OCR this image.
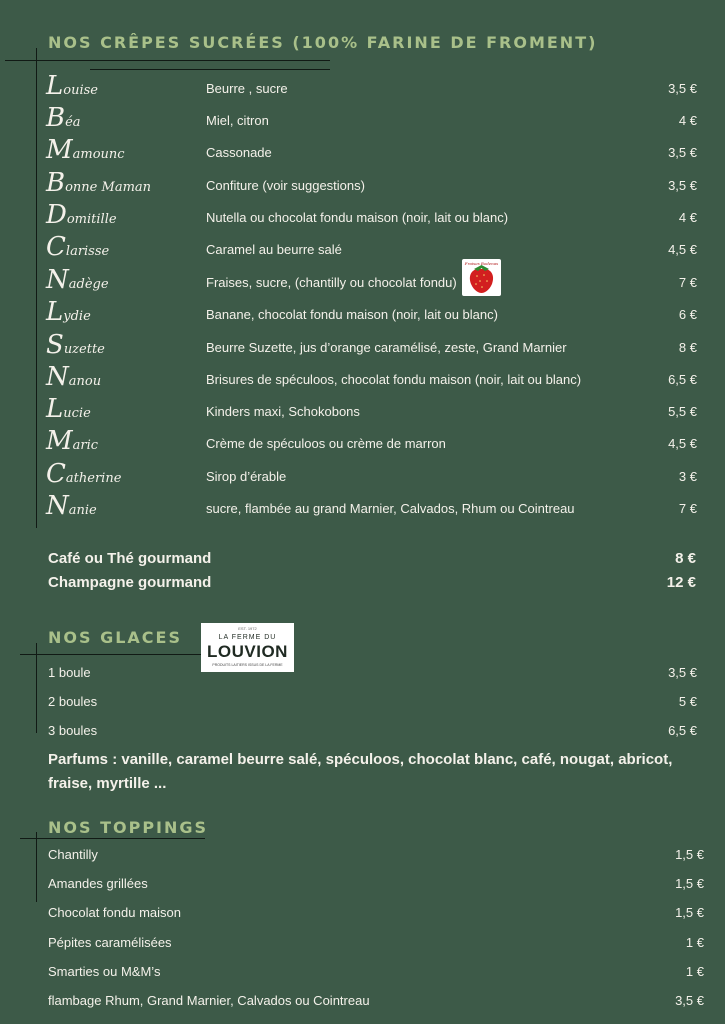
NOS CRÊPES SUCRÉES (100% FARINE DE FROMENT)
Louise	Beurre , sucre	3,5 €
Béa	Miel, citron	4 €
Mamounc	Cassonade	3,5 €
Bonne Maman	Confiture (voir suggestions)	3,5 €
Domitille	Nutella ou chocolat fondu maison (noir, lait ou blanc)	4 €
Clarisse	Caramel au beurre salé	4,5 €
Nadège	Fraises, sucre, (chantilly ou chocolat fondu)	7 €
Lydie	Banane, chocolat fondu maison (noir, lait ou blanc)	6 €
Suzette	Beurre Suzette, jus d’orange caramélisé, zeste, Grand Marnier	8 €
Nanou	Brisures de spéculoos, chocolat fondu maison (noir, lait ou blanc)	6,5 €
Lucie	Kinders maxi, Schokobons	5,5 €
Maric	Crème de spéculoos ou crème de marron	4,5 €
Catherine	Sirop d’érable	3 €
Nanie	sucre, flambée au grand Marnier, Calvados, Rhum ou Cointreau	7 €
Fraises Bodenas
Café ou Thé gourmand	8 €
Champagne gourmand	12 €
NOS GLACES	EST. 1972
LA FERME DU
LOUVION
PRODUITS LAITIERS ISSUS DE LA FERME
1 boule	3,5 €
2 boules	5 €
3 boules	6,5 €
Parfums : vanille, caramel beurre salé, spéculoos, chocolat blanc, café, nougat, abricot, fraise, myrtille ...
NOS TOPPINGS
Chantilly	1,5 €
Amandes grillées	1,5 €
Chocolat fondu maison	1,5 €
Pépites caramélisées	1 €
Smarties ou M&M’s	1 €
flambage Rhum, Grand Marnier, Calvados ou Cointreau	3,5 €
